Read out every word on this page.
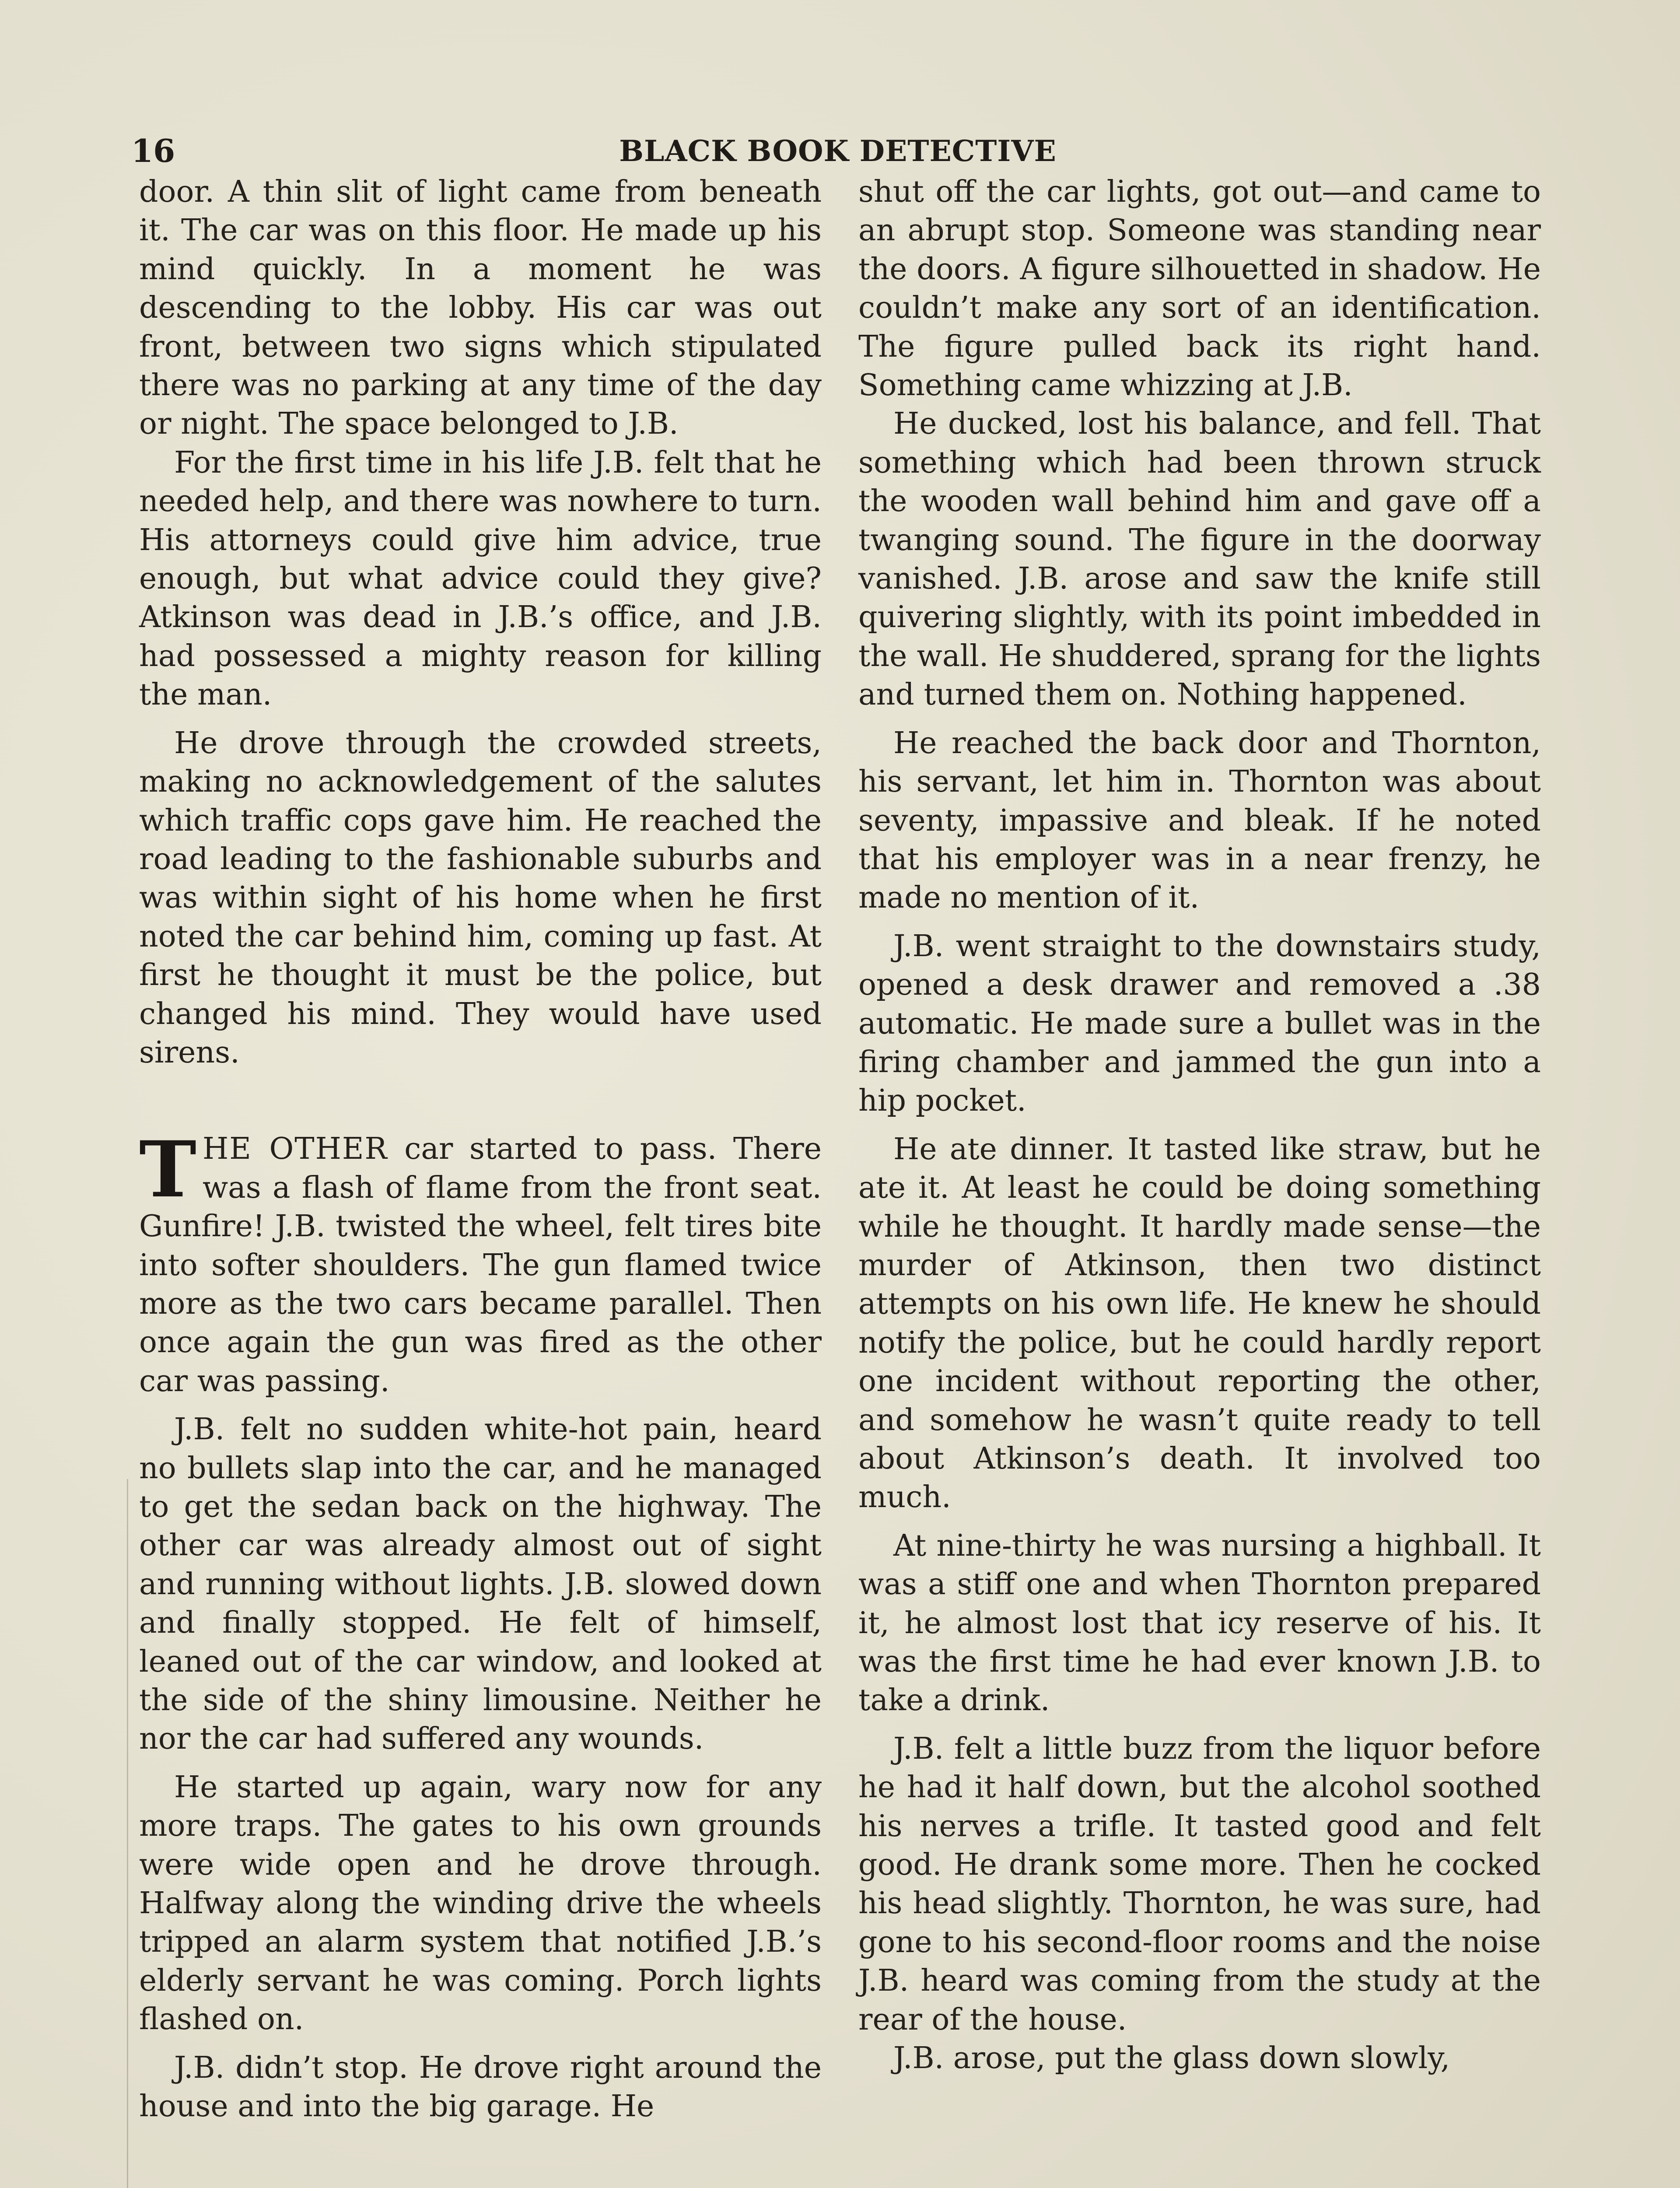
16	BLACK BOOK DETECTIVE

door. A thin slit of light came from beneath it. The car was on this floor. He made up his mind quickly. In a moment he was descending to the lobby. His car was out front, between two signs which stipulated there was no parking at any time of the day or night. The space belonged to J.B.

For the first time in his life J.B. felt that he needed help, and there was nowhere to turn. His attorneys could give him advice, true enough, but what advice could they give? Atkinson was dead in J.B.’s office, and J.B. had possessed a mighty reason for killing the man.

He drove through the crowded streets, making no acknowledgement of the salutes which traffic cops gave him. He reached the road leading to the fashionable suburbs and was within sight of his home when he first noted the car behind him, coming up fast. At first he thought it must be the police, but changed his mind. They would have used sirens.

THE OTHER car started to pass. There was a flash of flame from the front seat. Gunfire! J.B. twisted the wheel, felt tires bite into softer shoulders. The gun flamed twice more as the two cars became parallel. Then once again the gun was fired as the other car was passing.

J.B. felt no sudden white-hot pain, heard no bullets slap into the car, and he managed to get the sedan back on the highway. The other car was already almost out of sight and running without lights. J.B. slowed down and finally stopped. He felt of himself, leaned out of the car window, and looked at the side of the shiny limousine. Neither he nor the car had suffered any wounds.

He started up again, wary now for any more traps. The gates to his own grounds were wide open and he drove through. Halfway along the winding drive the wheels tripped an alarm system that notified J.B.’s elderly servant he was coming. Porch lights flashed on.

J.B. didn’t stop. He drove right around the house and into the big garage. He

shut off the car lights, got out—and came to an abrupt stop. Someone was standing near the doors. A figure silhouetted in shadow. He couldn’t make any sort of an identification. The figure pulled back its right hand. Something came whizzing at J.B.

He ducked, lost his balance, and fell. That something which had been thrown struck the wooden wall behind him and gave off a twanging sound. The figure in the doorway vanished. J.B. arose and saw the knife still quivering slightly, with its point imbedded in the wall. He shuddered, sprang for the lights and turned them on. Nothing happened.

He reached the back door and Thornton, his servant, let him in. Thornton was about seventy, impassive and bleak. If he noted that his employer was in a near frenzy, he made no mention of it.

J.B. went straight to the downstairs study, opened a desk drawer and removed a .38 automatic. He made sure a bullet was in the firing chamber and jammed the gun into a hip pocket.

He ate dinner. It tasted like straw, but he ate it. At least he could be doing something while he thought. It hardly made sense—the murder of Atkinson, then two distinct attempts on his own life. He knew he should notify the police, but he could hardly report one incident without reporting the other, and somehow he wasn’t quite ready to tell about Atkinson’s death. It involved too much.

At nine-thirty he was nursing a highball. It was a stiff one and when Thornton prepared it, he almost lost that icy reserve of his. It was the first time he had ever known J.B. to take a drink.

J.B. felt a little buzz from the liquor before he had it half down, but the alcohol soothed his nerves a trifle. It tasted good and felt good. He drank some more. Then he cocked his head slightly. Thornton, he was sure, had gone to his second-floor rooms and the noise J.B. heard was coming from the study at the rear of the house.

J.B. arose, put the glass down slowly,
